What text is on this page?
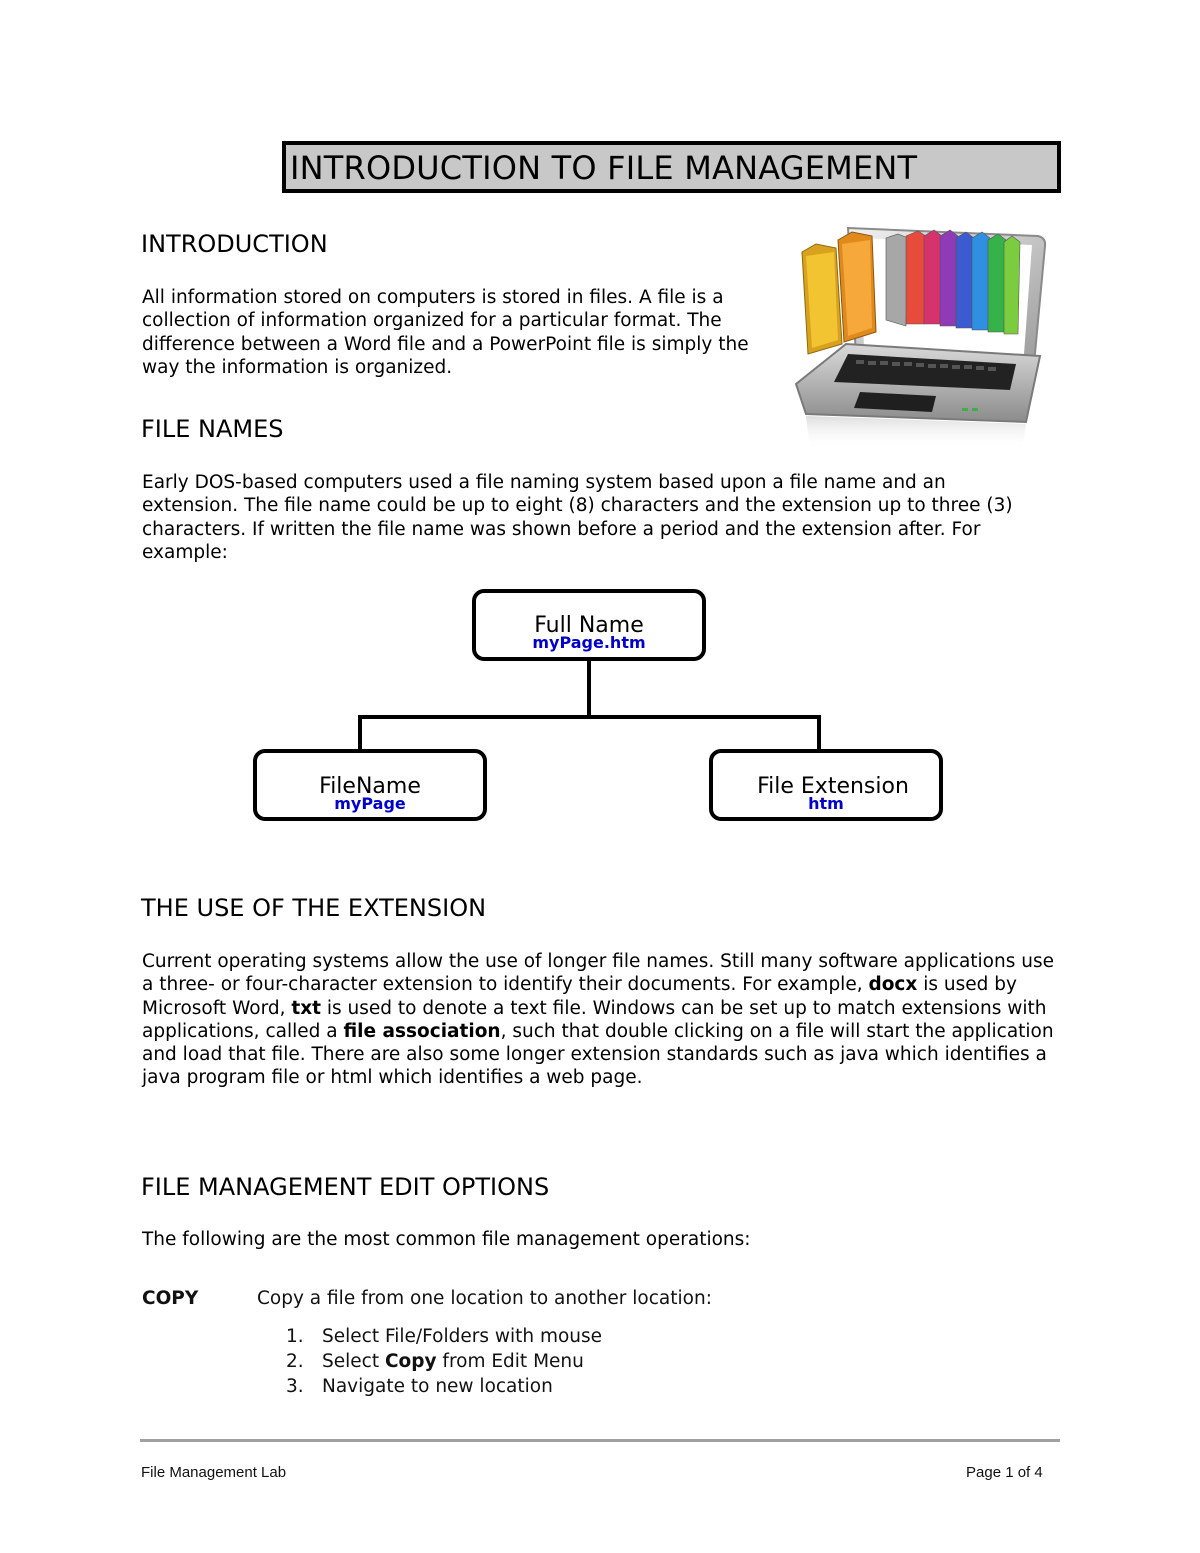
INTRODUCTION TO FILE MANAGEMENT
INTRODUCTION

All information stored on computers is stored in files. A file is a collection of information organized for a particular format. The difference between a Word file and a PowerPoint file is simply the way the information is organized.

FILE NAMES

Early DOS-based computers used a file naming system based upon a file name and an extension. The file name could be up to eight (8) characters and the extension up to three (3) characters. If written the file name was shown before a period and the extension after. For example:

Full Name
myPage.htm
FileName
myPage
File Extension
htm
THE USE OF THE EXTENSION

Current operating systems allow the use of longer file names. Still many software applications use a three- or four-character extension to identify their documents. For example, docx is used by Microsoft Word, txt is used to denote a text file. Windows can be set up to match extensions with applications, called a file association, such that double clicking on a file will start the application and load that file. There are also some longer extension standards such as java which identifies a java program file or html which identifies a web page.

FILE MANAGEMENT EDIT OPTIONS
The following are the most common file management operations:
COPY	Copy a file from one location to another location:
1. Select File/Folders with mouse
2. Select Copy from Edit Menu
3. Navigate to new location
File Management Lab	Page 1 of 4
